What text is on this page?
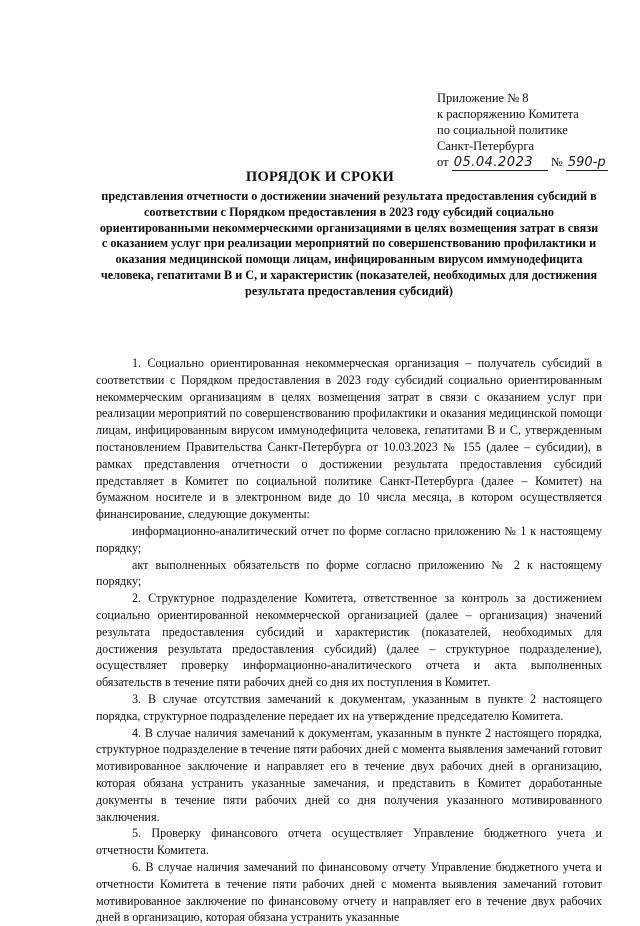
Приложение № 8
к распоряжению Комитета
по социальной политике
Санкт-Петербурга
от 05.04.2023 № 590-р
ПОРЯДОК И СРОКИ
представления отчетности о достижении значений результата предоставления субсидий в соответствии с Порядком предоставления в 2023 году субсидий социально ориентированными некоммерческими организациями в целях возмещения затрат в связи с оказанием услуг при реализации мероприятий по совершенствованию профилактики и оказания медицинской помощи лицам, инфицированным вирусом иммунодефицита человека, гепатитами В и С, и характеристик (показателей, необходимых для достижения результата предоставления субсидий)

1. Социально ориентированная некоммерческая организация – получатель субсидий в соответствии с Порядком предоставления в 2023 году субсидий социально ориентированным некоммерческим организациям в целях возмещения затрат в связи с оказанием услуг при реализации мероприятий по совершенствованию профилактики и оказания медицинской помощи лицам, инфицированным вирусом иммунодефицита человека, гепатитами В и С, утвержденным постановлением Правительства Санкт-Петербурга от 10.03.2023 № 155 (далее – субсидии), в рамках представления отчетности о достижении результата предоставления субсидий представляет в Комитет по социальной политике Санкт-Петербурга (далее – Комитет) на бумажном носителе и в электронном виде до 10 числа месяца, в котором осуществляется финансирование, следующие документы:

информационно-аналитический отчет по форме согласно приложению № 1 к настоящему порядку;

акт выполненных обязательств по форме согласно приложению № 2 к настоящему порядку;

2. Структурное подразделение Комитета, ответственное за контроль за достижением социально ориентированной некоммерческой организацией (далее – организация) значений результата предоставления субсидий и характеристик (показателей, необходимых для достижения результата предоставления субсидий) (далее – структурное подразделение), осуществляет проверку информационно-аналитического отчета и акта выполненных обязательств в течение пяти рабочих дней со дня их поступления в Комитет.

3. В случае отсутствия замечаний к документам, указанным в пункте 2 настоящего порядка, структурное подразделение передает их на утверждение председателю Комитета.

4. В случае наличия замечаний к документам, указанным в пункте 2 настоящего порядка, структурное подразделение в течение пяти рабочих дней с момента выявления замечаний готовит мотивированное заключение и направляет его в течение двух рабочих дней в организацию, которая обязана устранить указанные замечания, и представить в Комитет доработанные документы в течение пяти рабочих дней со дня получения указанного мотивированного заключения.

5. Проверку финансового отчета осуществляет Управление бюджетного учета и отчетности Комитета.

6. В случае наличия замечаний по финансовому отчету Управление бюджетного учета и отчетности Комитета в течение пяти рабочих дней с момента выявления замечаний готовит мотивированное заключение по финансовому отчету и направляет его в течение двух рабочих дней в организацию, которая обязана устранить указанные
